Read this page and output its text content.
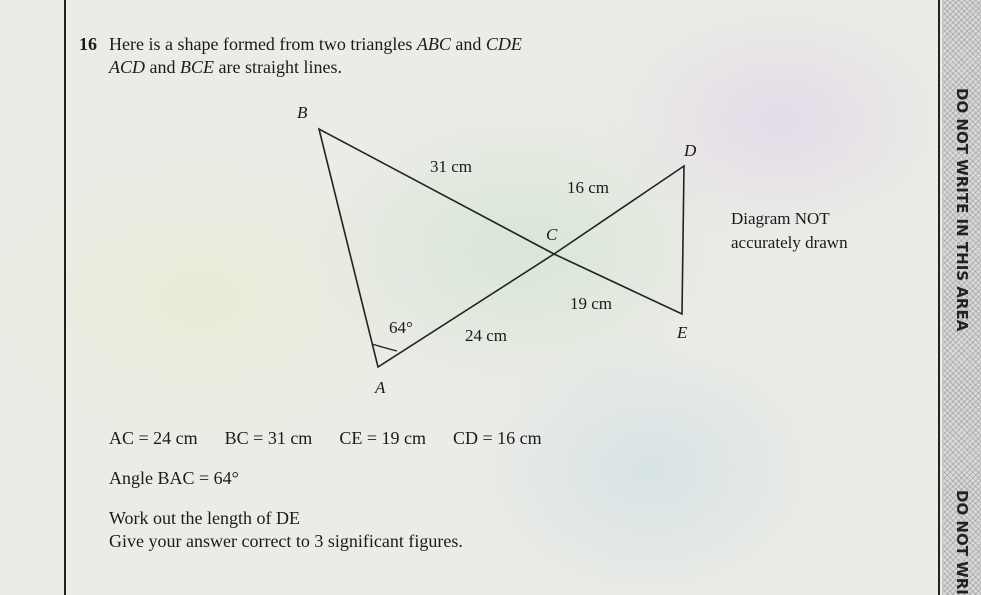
16 Here is a shape formed from two triangles ABC and CDE
ACD and BCE are straight lines.
B
A
C
D
E
31 cm
16 cm
19 cm
24 cm
64°
Diagram NOT
accurately drawn
AC = 24 cm BC = 31 cm CE = 19 cm CD = 16 cm
Angle BAC = 64°
Work out the length of DE
Give your answer correct to 3 significant figures.
DO NOT WRITE IN THIS AREA
DO NOT WRI
